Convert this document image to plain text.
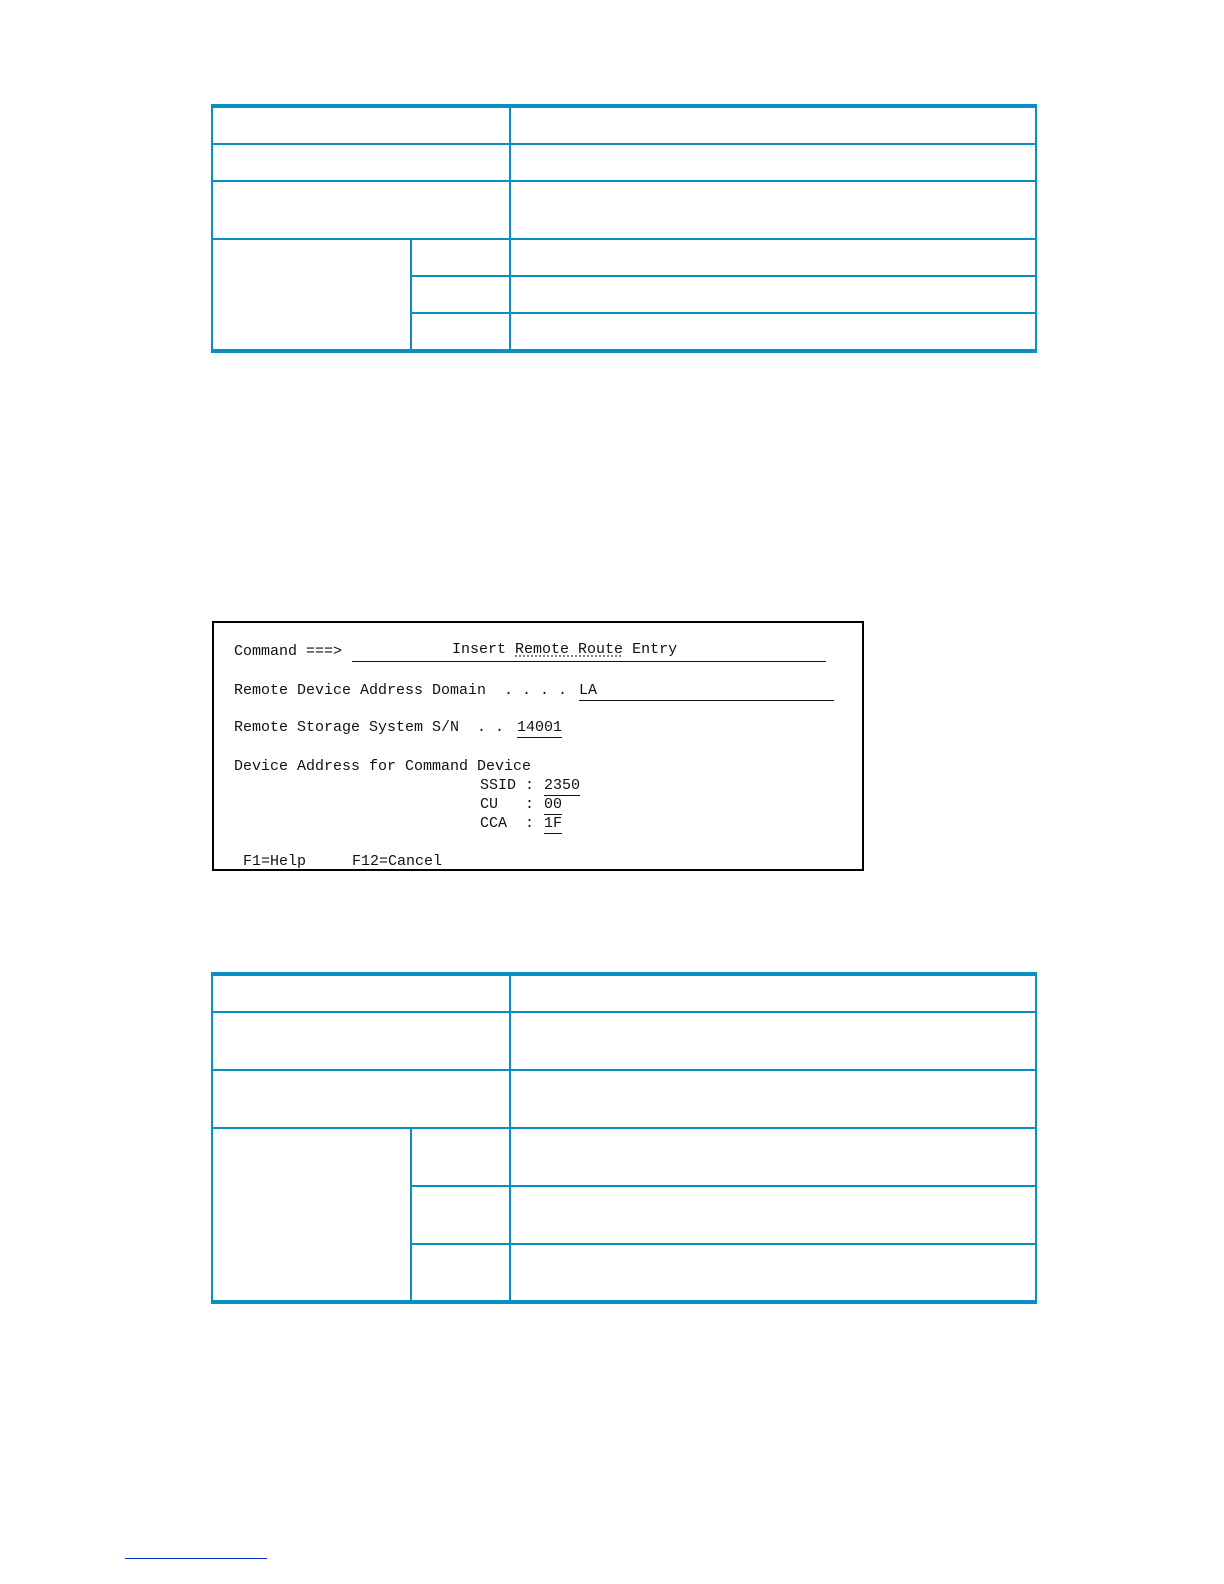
Insert Remote Route Entry

Command ===>
Remote Device Address Domain  . . . . LA
Remote Storage System S/N  . . 14001
Device Address for Command Device
SSID : 2350
CU   : 00
CCA  : 1F
F1=Help	F12=Cancel
